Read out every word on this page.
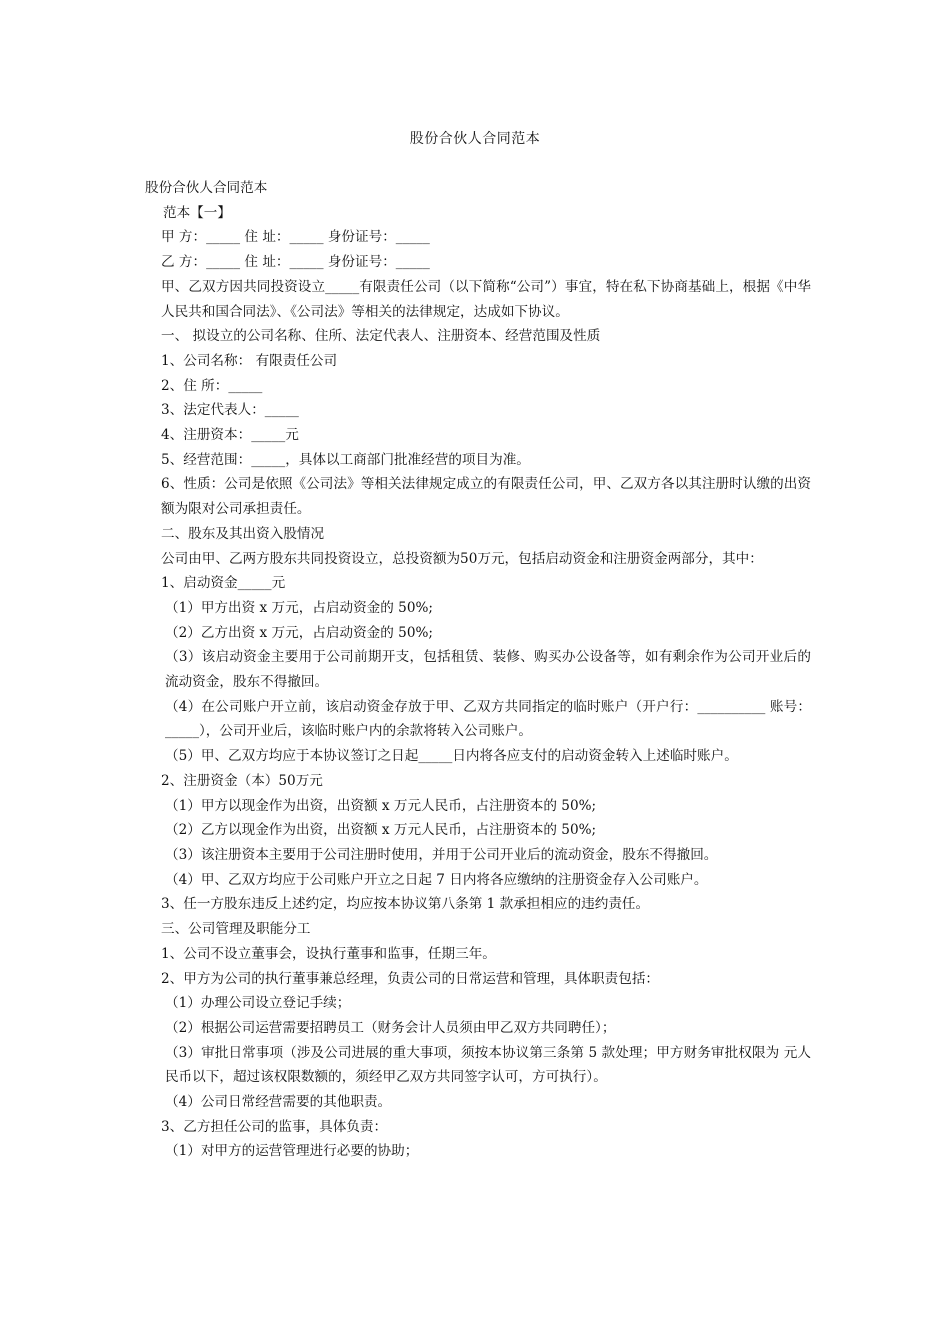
股份合伙人合同范本
股份合伙人合同范本
范本【一】
甲 方：_____ 住 址：_____ 身份证号：_____
乙 方：_____ 住 址：_____ 身份证号：_____
甲、乙双方因共同投资设立_____有限责任公司（以下简称“公司”）事宜，特在私下协商基础上，根据《中华人民共和国合同法》、《公司法》等相关的法律规定，达成如下协议。
一、 拟设立的公司名称、住所、法定代表人、注册资本、经营范围及性质
1、公司名称： 有限责任公司
2、住 所：_____
3、法定代表人：_____
4、注册资本：_____元
5、经营范围：_____，具体以工商部门批准经营的项目为准。
6、性质：公司是依照《公司法》等相关法律规定成立的有限责任公司，甲、乙双方各以其注册时认缴的出资额为限对公司承担责任。
二、股东及其出资入股情况
公司由甲、乙两方股东共同投资设立，总投资额为50万元，包括启动资金和注册资金两部分，其中：
1、启动资金_____元
（1）甲方出资 x 万元，占启动资金的 50%;
（2）乙方出资 x 万元，占启动资金的 50%;
（3）该启动资金主要用于公司前期开支，包括租赁、装修、购买办公设备等，如有剩余作为公司开业后的流动资金，股东不得撤回。
（4）在公司账户开立前，该启动资金存放于甲、乙双方共同指定的临时账户（开户行：__________ 账号：_____），公司开业后，该临时账户内的余款将转入公司账户。
（5）甲、乙双方均应于本协议签订之日起_____日内将各应支付的启动资金转入上述临时账户。
2、注册资金（本）50万元
（1）甲方以现金作为出资，出资额 x 万元人民币，占注册资本的 50%;
（2）乙方以现金作为出资，出资额 x 万元人民币，占注册资本的 50%;
（3）该注册资本主要用于公司注册时使用，并用于公司开业后的流动资金，股东不得撤回。
（4）甲、乙双方均应于公司账户开立之日起 7 日内将各应缴纳的注册资金存入公司账户。
3、任一方股东违反上述约定，均应按本协议第八条第 1 款承担相应的违约责任。
三、公司管理及职能分工
1、公司不设立董事会，设执行董事和监事，任期三年。
2、甲方为公司的执行董事兼总经理，负责公司的日常运营和管理，具体职责包括：
（1）办理公司设立登记手续；
（2）根据公司运营需要招聘员工（财务会计人员须由甲乙双方共同聘任）；
（3）审批日常事项（涉及公司进展的重大事项，须按本协议第三条第 5 款处理；甲方财务审批权限为 元人民币以下，超过该权限数额的，须经甲乙双方共同签字认可，方可执行）。
（4）公司日常经营需要的其他职责。
3、乙方担任公司的监事，具体负责：
（1）对甲方的运营管理进行必要的协助；
